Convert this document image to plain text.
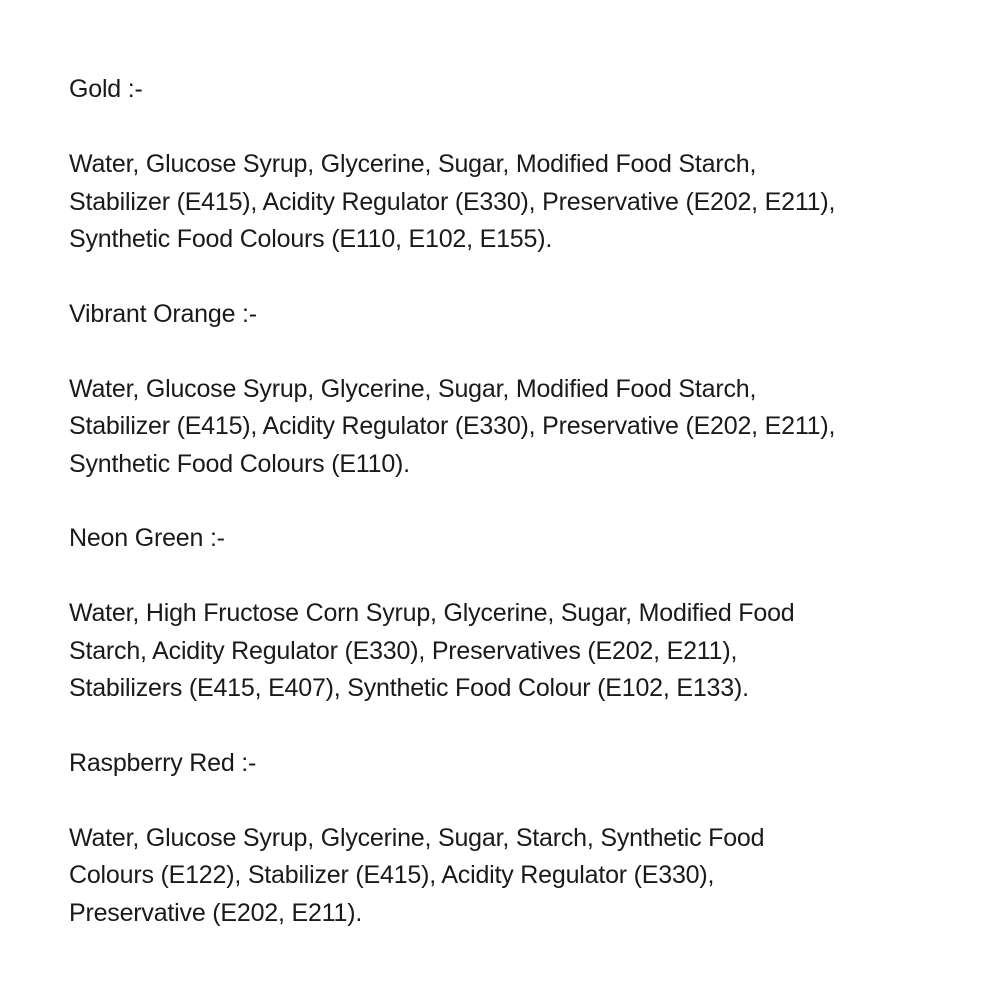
Gold :-
Water, Glucose Syrup, Glycerine, Sugar, Modified Food Starch,
Stabilizer (E415), Acidity Regulator (E330), Preservative (E202, E211),
Synthetic Food Colours (E110, E102, E155).
Vibrant Orange :-
Water, Glucose Syrup, Glycerine, Sugar, Modified Food Starch,
Stabilizer (E415), Acidity Regulator (E330), Preservative (E202, E211),
Synthetic Food Colours (E110).
Neon Green :-
Water, High Fructose Corn Syrup, Glycerine, Sugar, Modified Food
Starch, Acidity Regulator (E330), Preservatives (E202, E211),
Stabilizers (E415, E407), Synthetic Food Colour (E102, E133).
Raspberry Red :-
Water, Glucose Syrup, Glycerine, Sugar, Starch, Synthetic Food
Colours (E122), Stabilizer (E415), Acidity Regulator (E330),
Preservative (E202, E211).
